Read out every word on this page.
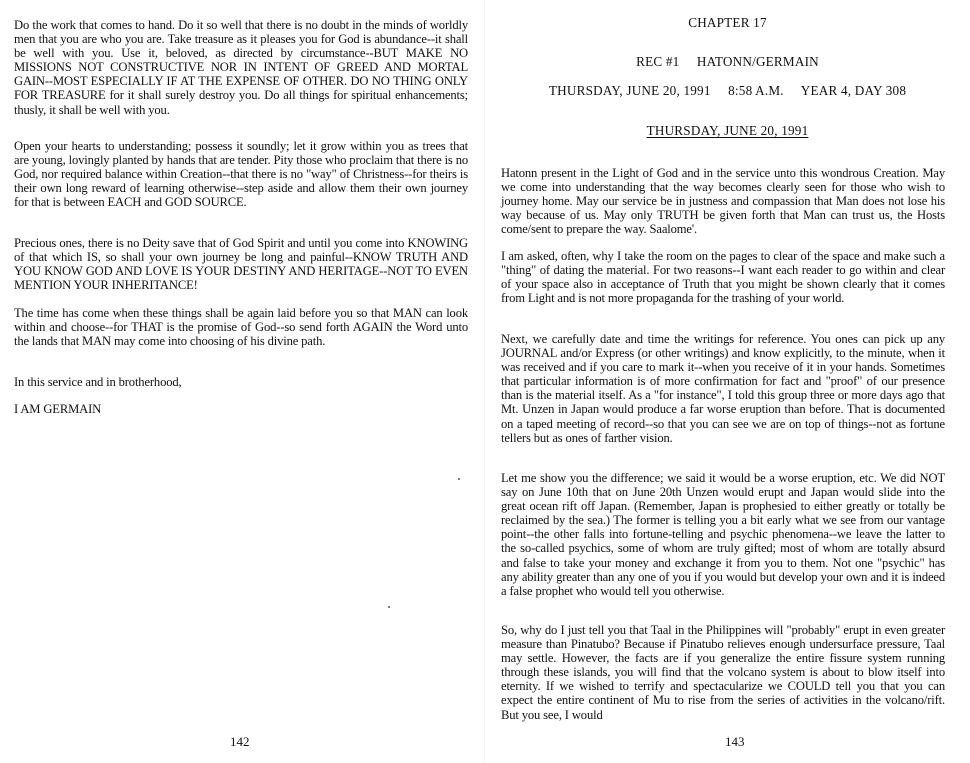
Do the work that comes to hand. Do it so well that there is no doubt in the minds of worldly men that you are who you are. Take treasure as it pleases you for God is abundance--it shall be well with you. Use it, beloved, as directed by circumstance--BUT MAKE NO MISSIONS NOT CONSTRUCTIVE NOR IN INTENT OF GREED AND MORTAL GAIN--MOST ESPECIALLY IF AT THE EXPENSE OF OTHER. DO NO THING ONLY FOR TREASURE for it shall surely destroy you. Do all things for spiritual enhancements; thusly, it shall be well with you.

Open your hearts to understanding; possess it soundly; let it grow within you as trees that are young, lovingly planted by hands that are tender. Pity those who proclaim that there is no God, nor required balance within Creation--that there is no "way" of Christness--for theirs is their own long reward of learning otherwise--step aside and allow them their own journey for that is between EACH and GOD SOURCE.

Precious ones, there is no Deity save that of God Spirit and until you come into KNOWING of that which IS, so shall your own journey be long and painful--KNOW TRUTH AND YOU KNOW GOD AND LOVE IS YOUR DESTINY AND HERITAGE--NOT TO EVEN MENTION YOUR INHERITANCE!

The time has come when these things shall be again laid before you so that MAN can look within and choose--for THAT is the promise of God--so send forth AGAIN the Word unto the lands that MAN may come into choosing of his divine path.

In this service and in brotherhood,

I AM GERMAIN

142
CHAPTER 17
REC #1     HATONN/GERMAIN
THURSDAY, JUNE 20, 1991     8:58 A.M.     YEAR 4, DAY 308
THURSDAY, JUNE 20, 1991

Hatonn present in the Light of God and in the service unto this wondrous Creation. May we come into understanding that the way becomes clearly seen for those who wish to journey home. May our service be in justness and compassion that Man does not lose his way because of us. May only TRUTH be given forth that Man can trust us, the Hosts come/sent to prepare the way. Saalome'.

I am asked, often, why I take the room on the pages to clear of the space and make such a "thing" of dating the material. For two reasons--I want each reader to go within and clear of your space also in acceptance of Truth that you might be shown clearly that it comes from Light and is not more propaganda for the trashing of your world.

Next, we carefully date and time the writings for reference. You ones can pick up any JOURNAL and/or Express (or other writings) and know explicitly, to the minute, when it was received and if you care to mark it--when you receive of it in your hands. Sometimes that particular information is of more confirmation for fact and "proof" of our presence than is the material itself. As a "for instance", I told this group three or more days ago that Mt. Unzen in Japan would produce a far worse eruption than before. That is documented on a taped meeting of record--so that you can see we are on top of things--not as fortune tellers but as ones of farther vision.

Let me show you the difference; we said it would be a worse eruption, etc. We did NOT say on June 10th that on June 20th Unzen would erupt and Japan would slide into the great ocean rift off Japan. (Remember, Japan is prophesied to either greatly or totally be reclaimed by the sea.) The former is telling you a bit early what we see from our vantage point--the other falls into fortune-telling and psychic phenomena--we leave the latter to the so-called psychics, some of whom are truly gifted; most of whom are totally absurd and false to take your money and exchange it from you to them. Not one "psychic" has any ability greater than any one of you if you would but develop your own and it is indeed a false prophet who would tell you otherwise.

So, why do I just tell you that Taal in the Philippines will "probably" erupt in even greater measure than Pinatubo? Because if Pinatubo relieves enough undersurface pressure, Taal may settle. However, the facts are if you generalize the entire fissure system running through these islands, you will find that the volcano system is about to blow itself into eternity. If we wished to terrify and spectacularize we COULD tell you that you can expect the entire continent of Mu to rise from the series of activities in the volcano/rift. But you see, I would

143
